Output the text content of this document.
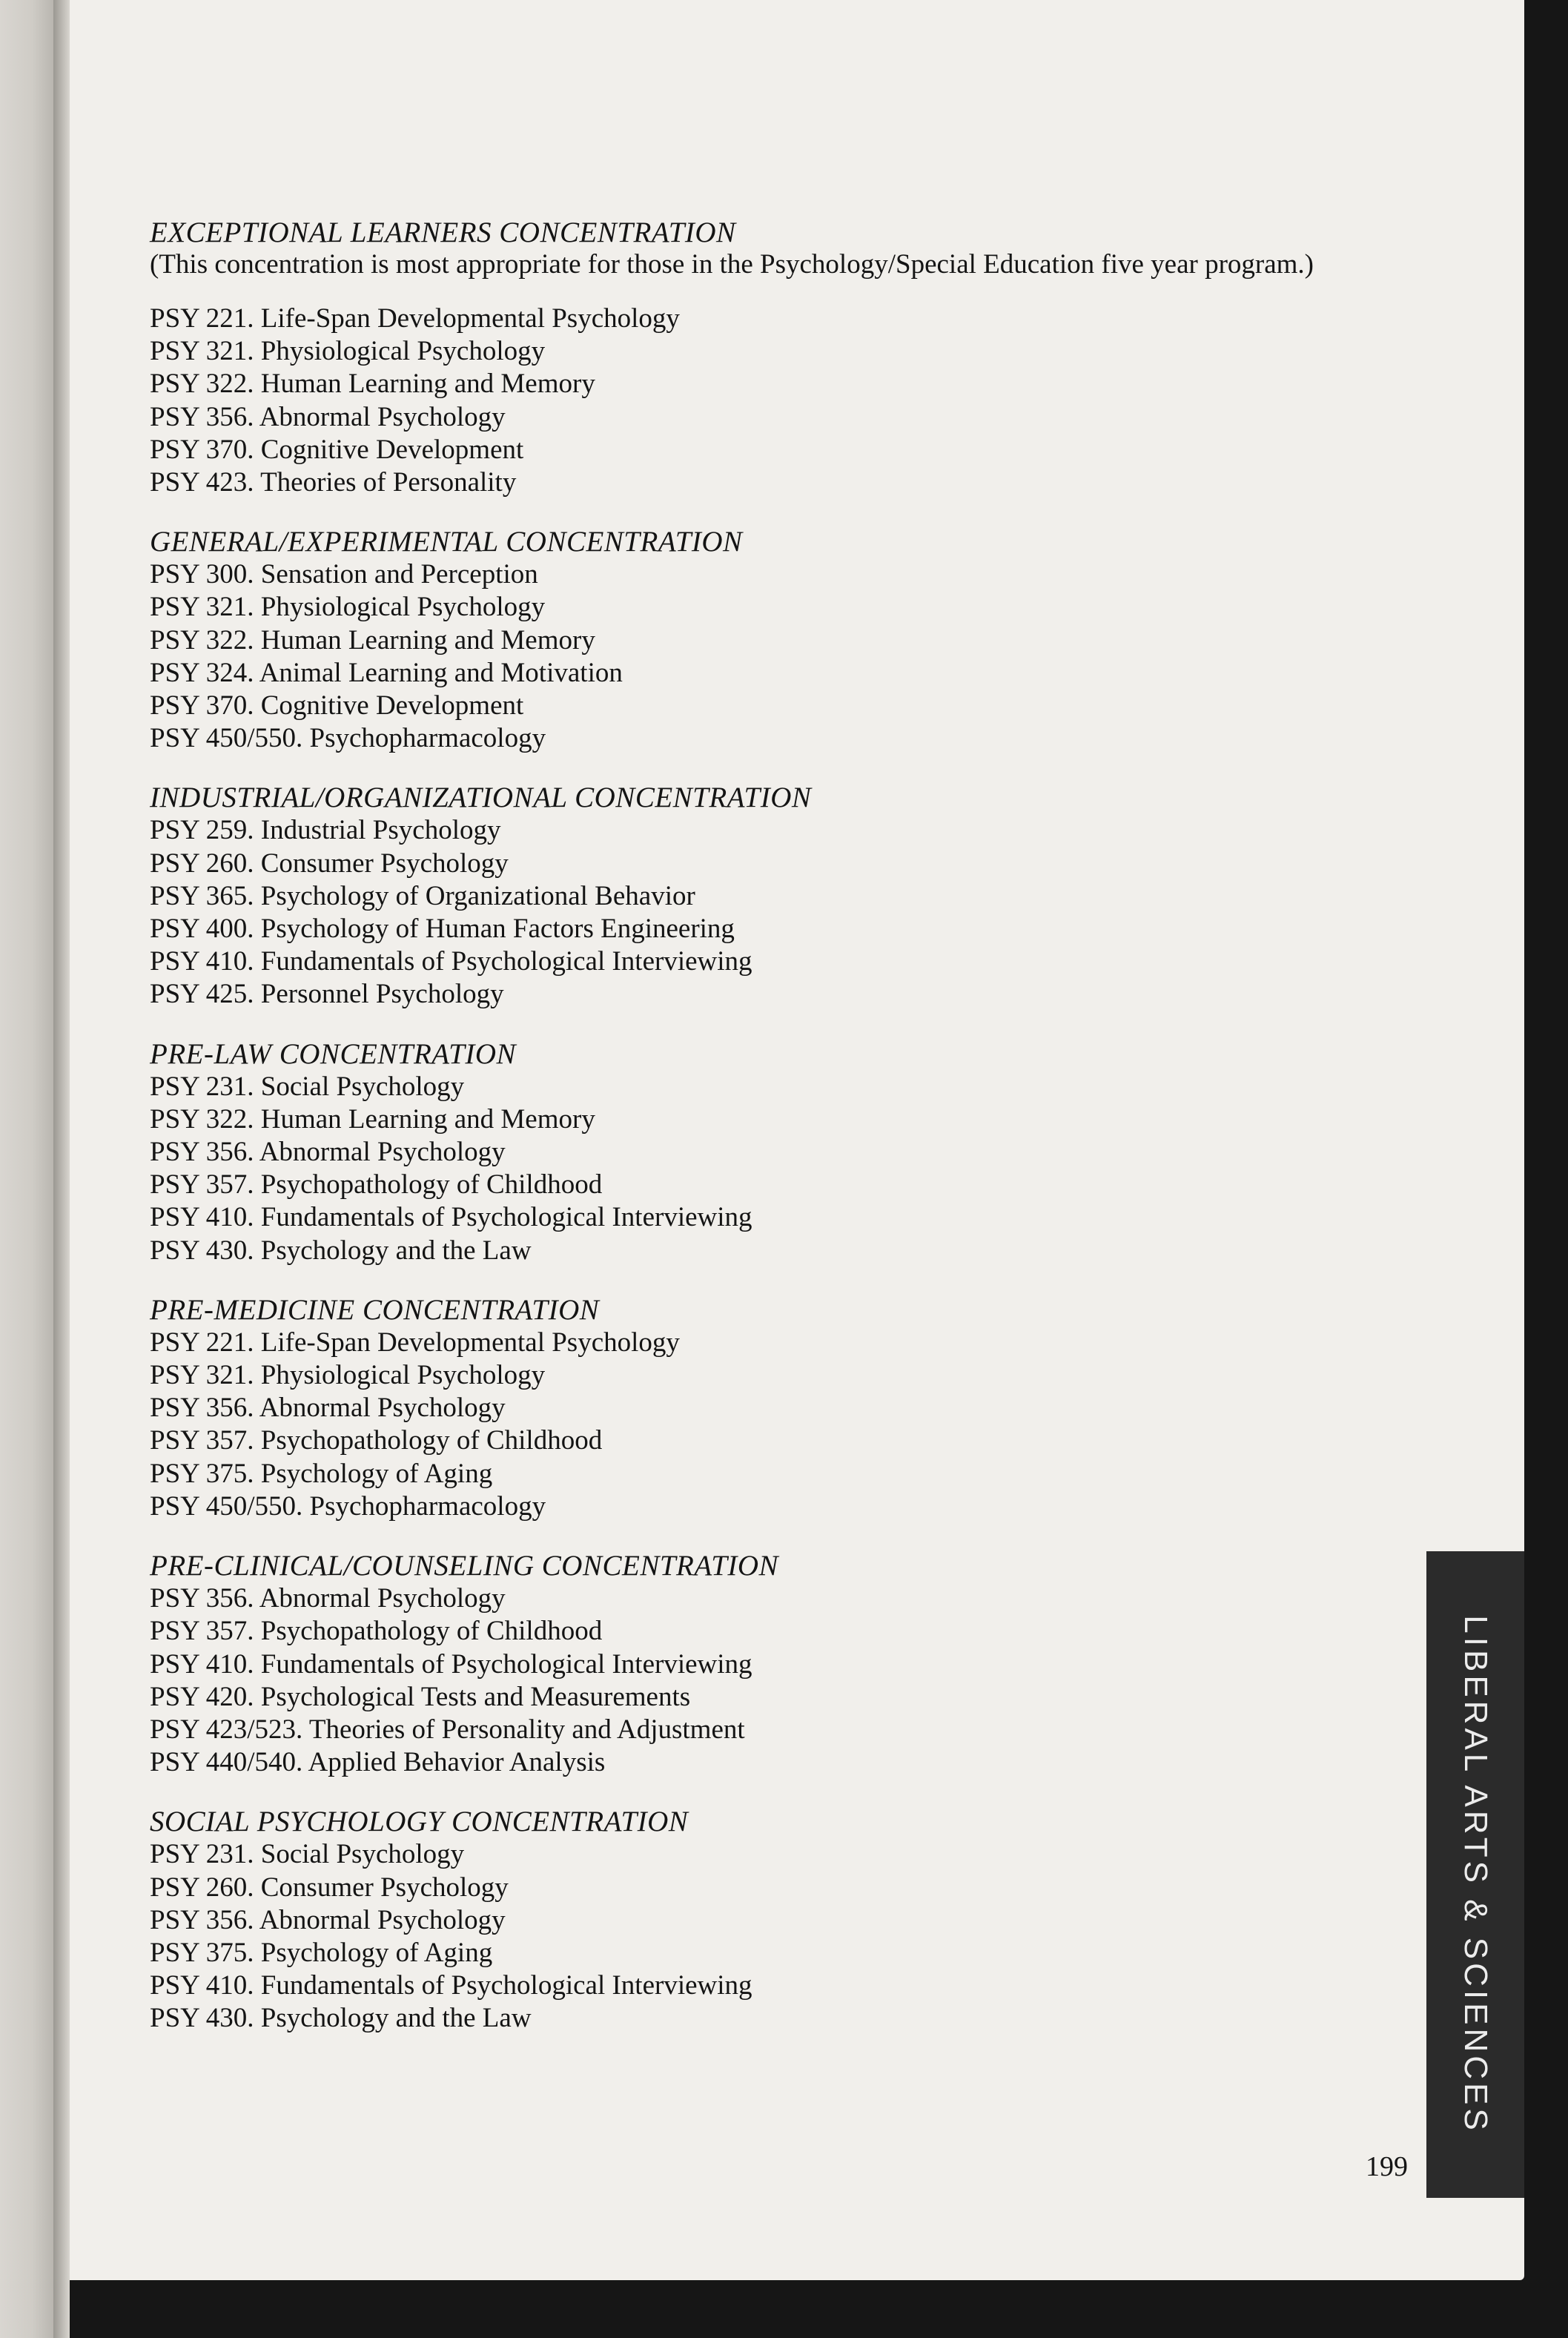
EXCEPTIONAL LEARNERS CONCENTRATION

(This concentration is most appropriate for those in the Psychology/Special Education five year program.)

PSY 221. Life-Span Developmental Psychology

PSY 321. Physiological Psychology

PSY 322. Human Learning and Memory

PSY 356. Abnormal Psychology

PSY 370. Cognitive Development

PSY 423. Theories of Personality

GENERAL/EXPERIMENTAL CONCENTRATION

PSY 300. Sensation and Perception

PSY 321. Physiological Psychology

PSY 322. Human Learning and Memory

PSY 324. Animal Learning and Motivation

PSY 370. Cognitive Development

PSY 450/550. Psychopharmacology

INDUSTRIAL/ORGANIZATIONAL CONCENTRATION

PSY 259. Industrial Psychology

PSY 260. Consumer Psychology

PSY 365. Psychology of Organizational Behavior

PSY 400. Psychology of Human Factors Engineering

PSY 410. Fundamentals of Psychological Interviewing

PSY 425. Personnel Psychology

PRE-LAW CONCENTRATION

PSY 231. Social Psychology

PSY 322. Human Learning and Memory

PSY 356. Abnormal Psychology

PSY 357. Psychopathology of Childhood

PSY 410. Fundamentals of Psychological Interviewing

PSY 430. Psychology and the Law

PRE-MEDICINE CONCENTRATION

PSY 221. Life-Span Developmental Psychology

PSY 321. Physiological Psychology

PSY 356. Abnormal Psychology

PSY 357. Psychopathology of Childhood

PSY 375. Psychology of Aging

PSY 450/550. Psychopharmacology

PRE-CLINICAL/COUNSELING CONCENTRATION

PSY 356. Abnormal Psychology

PSY 357. Psychopathology of Childhood

PSY 410. Fundamentals of Psychological Interviewing

PSY 420. Psychological Tests and Measurements

PSY 423/523. Theories of Personality and Adjustment

PSY 440/540. Applied Behavior Analysis

SOCIAL PSYCHOLOGY CONCENTRATION

PSY 231. Social Psychology

PSY 260. Consumer Psychology

PSY 356. Abnormal Psychology

PSY 375. Psychology of Aging

PSY 410. Fundamentals of Psychological Interviewing

PSY 430. Psychology and the Law

199
LIBERAL ARTS & SCIENCES
